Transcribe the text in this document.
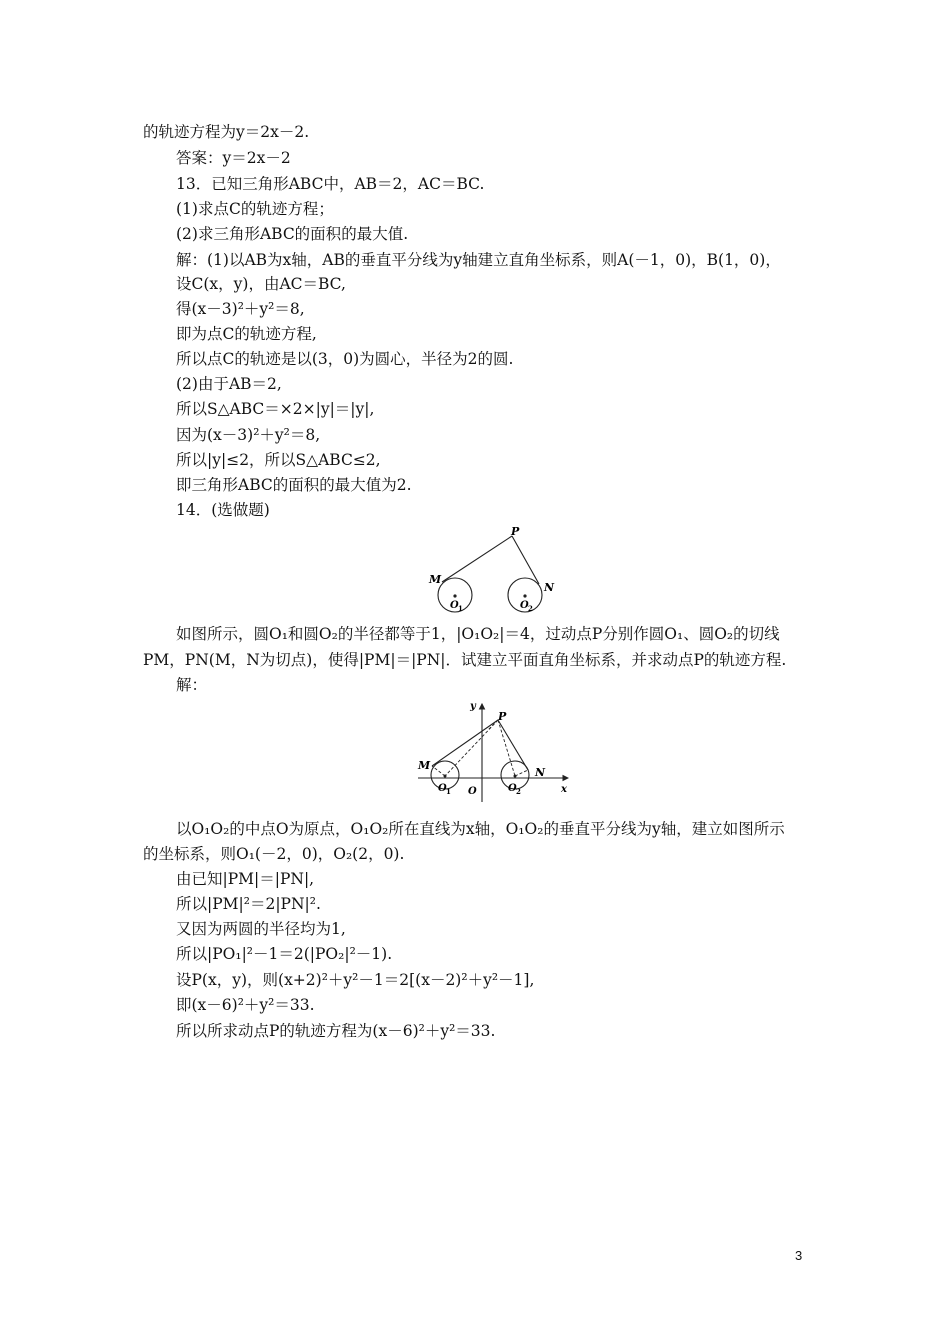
的轨迹方程为y＝2x－2.
答案：y＝2x－2
13．已知三角形ABC中，AB＝2，AC＝BC.
(1)求点C的轨迹方程；
(2)求三角形ABC的面积的最大值.
解：(1)以AB为x轴，AB的垂直平分线为y轴建立直角坐标系，则A(－1，0)，B(1，0)，
设C(x，y)，由AC＝BC,
得(x－3)²＋y²＝8,
即为点C的轨迹方程,
所以点C的轨迹是以(3，0)为圆心，半径为2的圆.
(2)由于AB＝2,
所以S△ABC＝×2×|y|＝|y|,
因为(x－3)²＋y²＝8,
所以|y|≤2，所以S△ABC≤2,
即三角形ABC的面积的最大值为2.
14．(选做题)
P
M
N
O 1	O 2
如图所示，圆O₁和圆O₂的半径都等于1，|O₁O₂|＝4，过动点P分别作圆O₁、圆O₂的切线
PM，PN(M，N为切点)，使得|PM|＝|PN|．试建立平面直角坐标系，并求动点P的轨迹方程.
解：
y
x
P
M
N
O
O 1	O 2
以O₁O₂的中点O为原点，O₁O₂所在直线为x轴，O₁O₂的垂直平分线为y轴，建立如图所示
的坐标系，则O₁(－2，0)，O₂(2，0).
由已知|PM|＝|PN|,
所以|PM|²＝2|PN|².
又因为两圆的半径均为1,
所以|PO₁|²－1＝2(|PO₂|²－1).
设P(x，y)，则(x+2)²＋y²－1＝2[(x－2)²＋y²－1],
即(x－6)²＋y²＝33.
所以所求动点P的轨迹方程为(x－6)²＋y²＝33.
3
